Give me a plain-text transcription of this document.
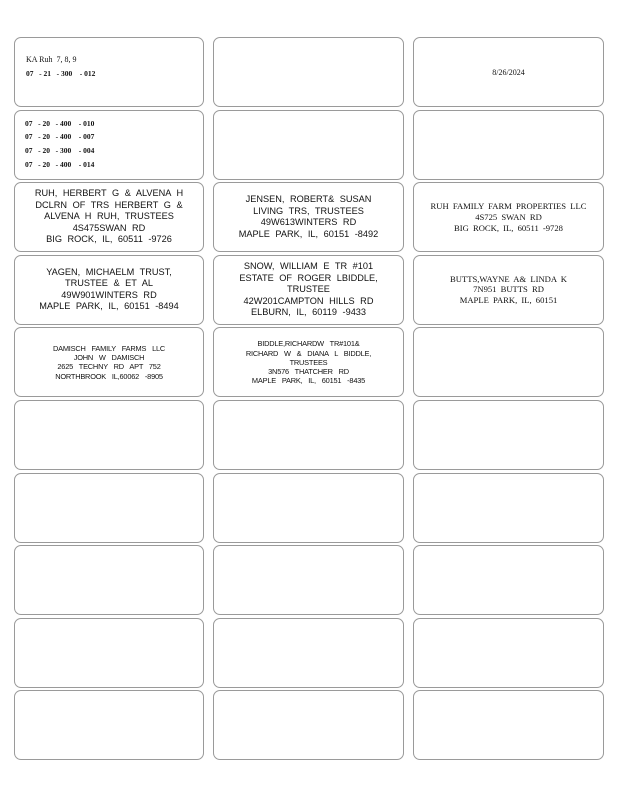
KA Ruh  7, 8, 9
07   - 21   - 300    - 012	8/26/2024
07   - 20   - 400    - 010
07   - 20   - 400    - 007
07   - 20   - 300    - 004
07   - 20   - 400    - 014
RUH, HERBERT G & ALVENA H
DCLRN OF TRS HERBERT G &
ALVENA H RUH, TRUSTEES
4S475SWAN RD
BIG ROCK, IL, 60511 -9726
JENSEN, ROBERT& SUSAN
LIVING TRS, TRUSTEES
49W613WINTERS RD
MAPLE PARK, IL, 60151 -8492
RUH FAMILY FARM PROPERTIES LLC
4S725 SWAN RD
BIG ROCK, IL, 60511 -9728
YAGEN, MICHAELM TRUST,
TRUSTEE & ET AL
49W901WINTERS RD
MAPLE PARK, IL, 60151 -8494
SNOW, WILLIAM E TR #101
ESTATE OF ROGER LBIDDLE,
TRUSTEE
42W201CAMPTON HILLS RD
ELBURN, IL, 60119 -9433
BUTTS,WAYNE A& LINDA K
7N951 BUTTS RD
MAPLE PARK, IL, 60151
DAMISCH FAMILY FARMS LLC
JOHN W DAMISCH
2625 TECHNY RD APT 752
NORTHBROOK IL,60062 -8905
BIDDLE,RICHARDW TR#101&
RICHARD W & DIANA L BIDDLE,
TRUSTEES
3N576 THATCHER RD
MAPLE PARK, IL, 60151 -8435
